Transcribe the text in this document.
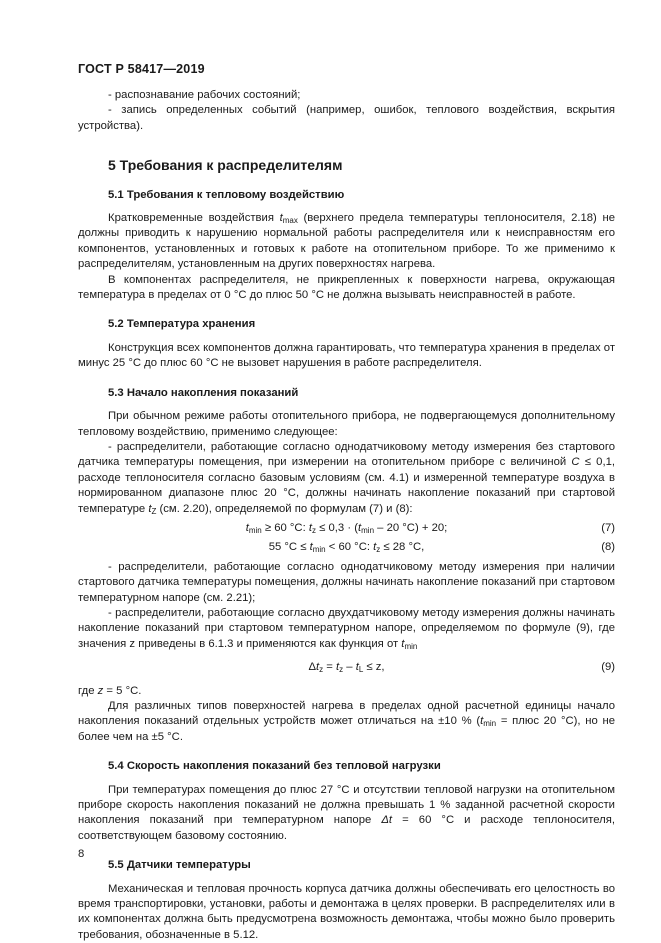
ГОСТ Р 58417—2019

- распознавание рабочих состояний;

- запись определенных событий (например, ошибок, теплового воздействия, вскрытия устройства).

5 Требования к распределителям
5.1 Требования к тепловому воздействию

Кратковременные воздействия $t_{max}$ (верхнего предела температуры теплоносителя, 2.18) не должны приводить к нарушению нормальной работы распределителя или к неисправностям его компонентов, установленных и готовых к работе на отопительном приборе. То же применимо к распределителям, установленным на других поверхностях нагрева.

В компонентах распределителя, не прикрепленных к поверхности нагрева, окружающая температура в пределах от 0 °С до плюс 50 °С не должна вызывать неисправностей в работе.

5.2 Температура хранения

Конструкция всех компонентов должна гарантировать, что температура хранения в пределах от минус 25 °С до плюс 60 °С не вызовет нарушения в работе распределителя.

5.3 Начало накопления показаний

При обычном режиме работы отопительного прибора, не подвергающемуся дополнительному тепловому воздействию, применимо следующее:

- распределители, работающие согласно однодатчиковому методу измерения без стартового датчика температуры помещения, при измерении на отопительном приборе с величиной C ≤ 0,1, расходе теплоносителя согласно базовым условиям (см. 4.1) и измеренной температуре воздуха в нормированном диапазоне плюс 20 °С, должны начинать накопление показаний при стартовой температуре $t_Z$ (см. 2.20), определяемой по формулам (7) и (8):

$t_{min} \ge 60$ °С: $t_z \le 0,3 \cdot (t_{min} - 20$ °С) + 20;	(7)
55 $^\circ С \le t_{min} < 60$ °С: $t_z \le 28$ °С,	(8)

- распределители, работающие согласно однодатчиковому методу измерения при наличии стартового датчика температуры помещения, должны начинать накопление показаний при стартовом температурном напоре (см. 2.21);

- распределители, работающие согласно двухдатчиковому методу измерения должны начинать накопление показаний при стартовом температурном напоре, определяемом по формуле (9), где значения z приведены в 6.1.3 и применяются как функция от $t_{min}$

$\Delta t_z = t_z - t_L \le z$,	(9)

где z = 5 °С.

Для различных типов поверхностей нагрева в пределах одной расчетной единицы начало накопления показаний отдельных устройств может отличаться на ±10 % ($t_{min}$ = плюс 20 °С), но не более чем на ±5 °С.

5.4 Скорость накопления показаний без тепловой нагрузки

При температурах помещения до плюс 27 °С и отсутствии тепловой нагрузки на отопительном приборе скорость накопления показаний не должна превышать 1 % заданной расчетной скорости накопления показаний при температурном напоре Δt = 60 °С и расходе теплоносителя, соответствующем базовому состоянию.

5.5 Датчики температуры

Механическая и тепловая прочность корпуса датчика должны обеспечивать его целостность во время транспортировки, установки, работы и демонтажа в целях проверки. В распределителях или в их компонентах должна быть предусмотрена возможность демонтажа, чтобы можно было проверить требования, обозначенные в 5.12.

8
